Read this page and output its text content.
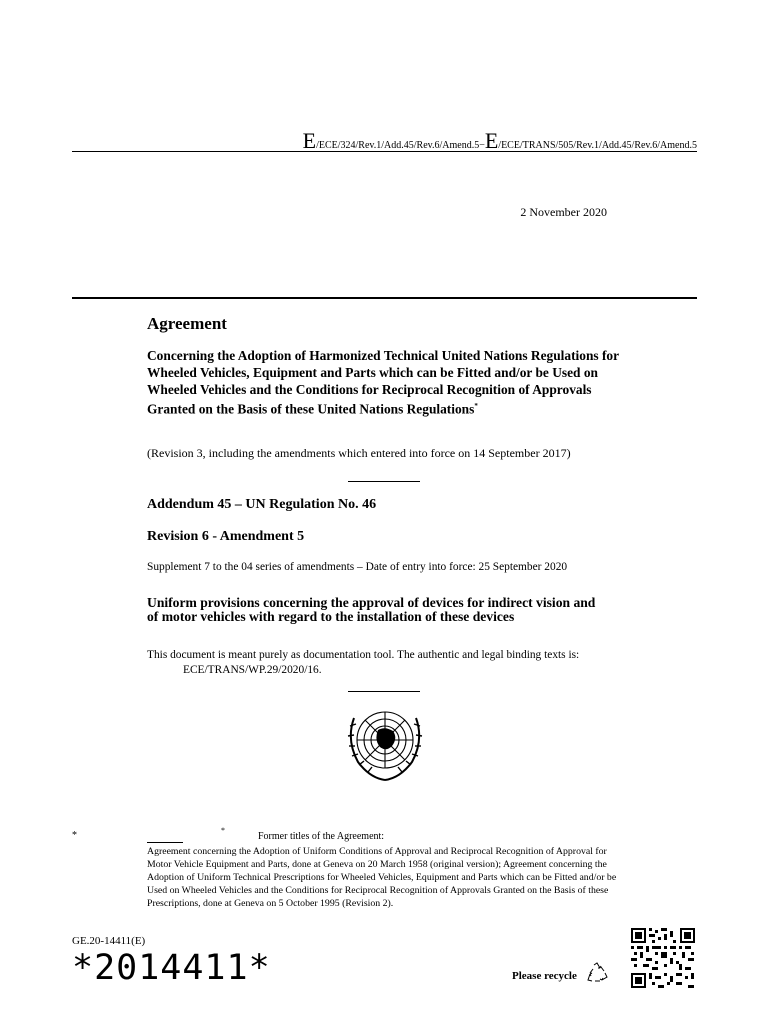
E/ECE/324/Rev.1/Add.45/Rev.6/Amend.5−E/ECE/TRANS/505/Rev.1/Add.45/Rev.6/Amend.5
2 November 2020
Agreement
Concerning the Adoption of Harmonized Technical United Nations Regulations for Wheeled Vehicles, Equipment and Parts which can be Fitted and/or be Used on Wheeled Vehicles and the Conditions for Reciprocal Recognition of Approvals Granted on the Basis of these United Nations Regulations*
(Revision 3, including the amendments which entered into force on 14 September 2017)
Addendum 45 – UN Regulation No. 46
Revision 6 - Amendment 5
Supplement 7 to the 04 series of amendments – Date of entry into force: 25 September 2020
Uniform provisions concerning the approval of devices for indirect vision and of motor vehicles with regard to the installation of these devices
This document is meant purely as documentation tool. The authentic and legal binding texts is:
ECE/TRANS/WP.29/2020/16.
*	*
Former titles of the Agreement:
Agreement concerning the Adoption of Uniform Conditions of Approval and Reciprocal Recognition of Approval for Motor Vehicle Equipment and Parts, done at Geneva on 20 March 1958 (original version); Agreement concerning the Adoption of Uniform Technical Prescriptions for Wheeled Vehicles, Equipment and Parts which can be Fitted and/or be Used on Wheeled Vehicles and the Conditions for Reciprocal Recognition of Approvals Granted on the Basis of these Prescriptions, done at Geneva on 5 October 1995 (Revision 2).
GE.20-14411(E)
*2014411*	Please recycle
